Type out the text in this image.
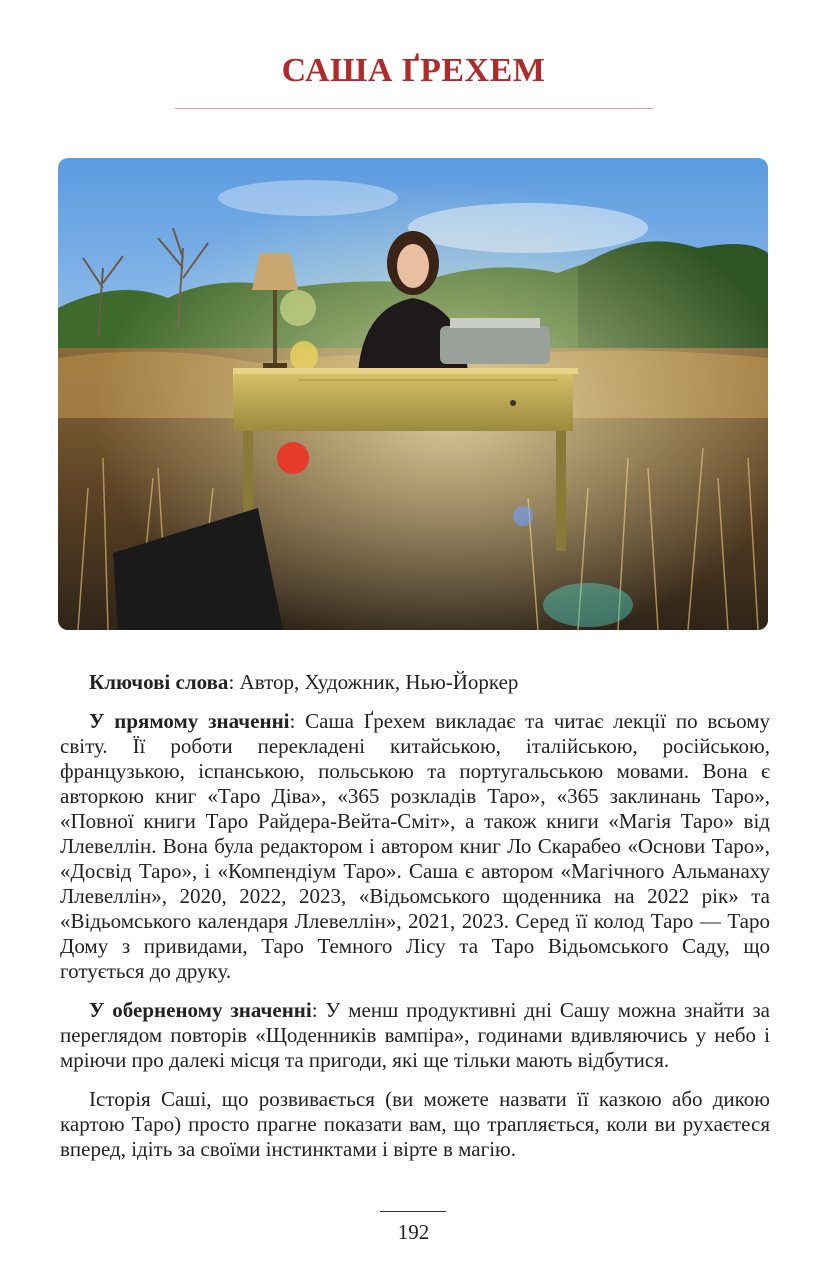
САША ҐРЕХЕМ

Ключові слова: Автор, Художник, Нью-Йоркер

У прямому значенні: Саша Ґрехем викладає та читає лекції по всьому світу. Її роботи перекладені китайською, італійською, російською, французькою, іспанською, польською та португальською мовами. Вона є авторкою книг «Таро Діва», «365 розкладів Таро», «365 заклинань Таро», «Повної книги Таро Райдера-Вейта-Сміт», а також книги «Магія Таро» від Ллевеллін. Вона була редактором і автором книг Ло Скарабео «Основи Таро», «Досвід Таро», і «Компендіум Таро». Саша є автором «Магічного Альманаху Ллевеллін», 2020, 2022, 2023, «Відьомського щоденника на 2022 рік» та «Відьомського календаря Ллевеллін», 2021, 2023. Серед її колод Таро — Таро Дому з привидами, Таро Темного Лісу та Таро Відьомського Саду, що готується до друку.

У оберненому значенні: У менш продуктивні дні Сашу можна знайти за переглядом повторів «Щоденників вампіра», годинами вдивляючись у небо і мріючи про далекі місця та пригоди, які ще тільки мають відбутися.

Історія Саші, що розвивається (ви можете назвати її казкою або дикою картою Таро) просто прагне показати вам, що трапляється, коли ви рухаєтеся вперед, ідіть за своїми інстинктами і вірте в магію.

192
